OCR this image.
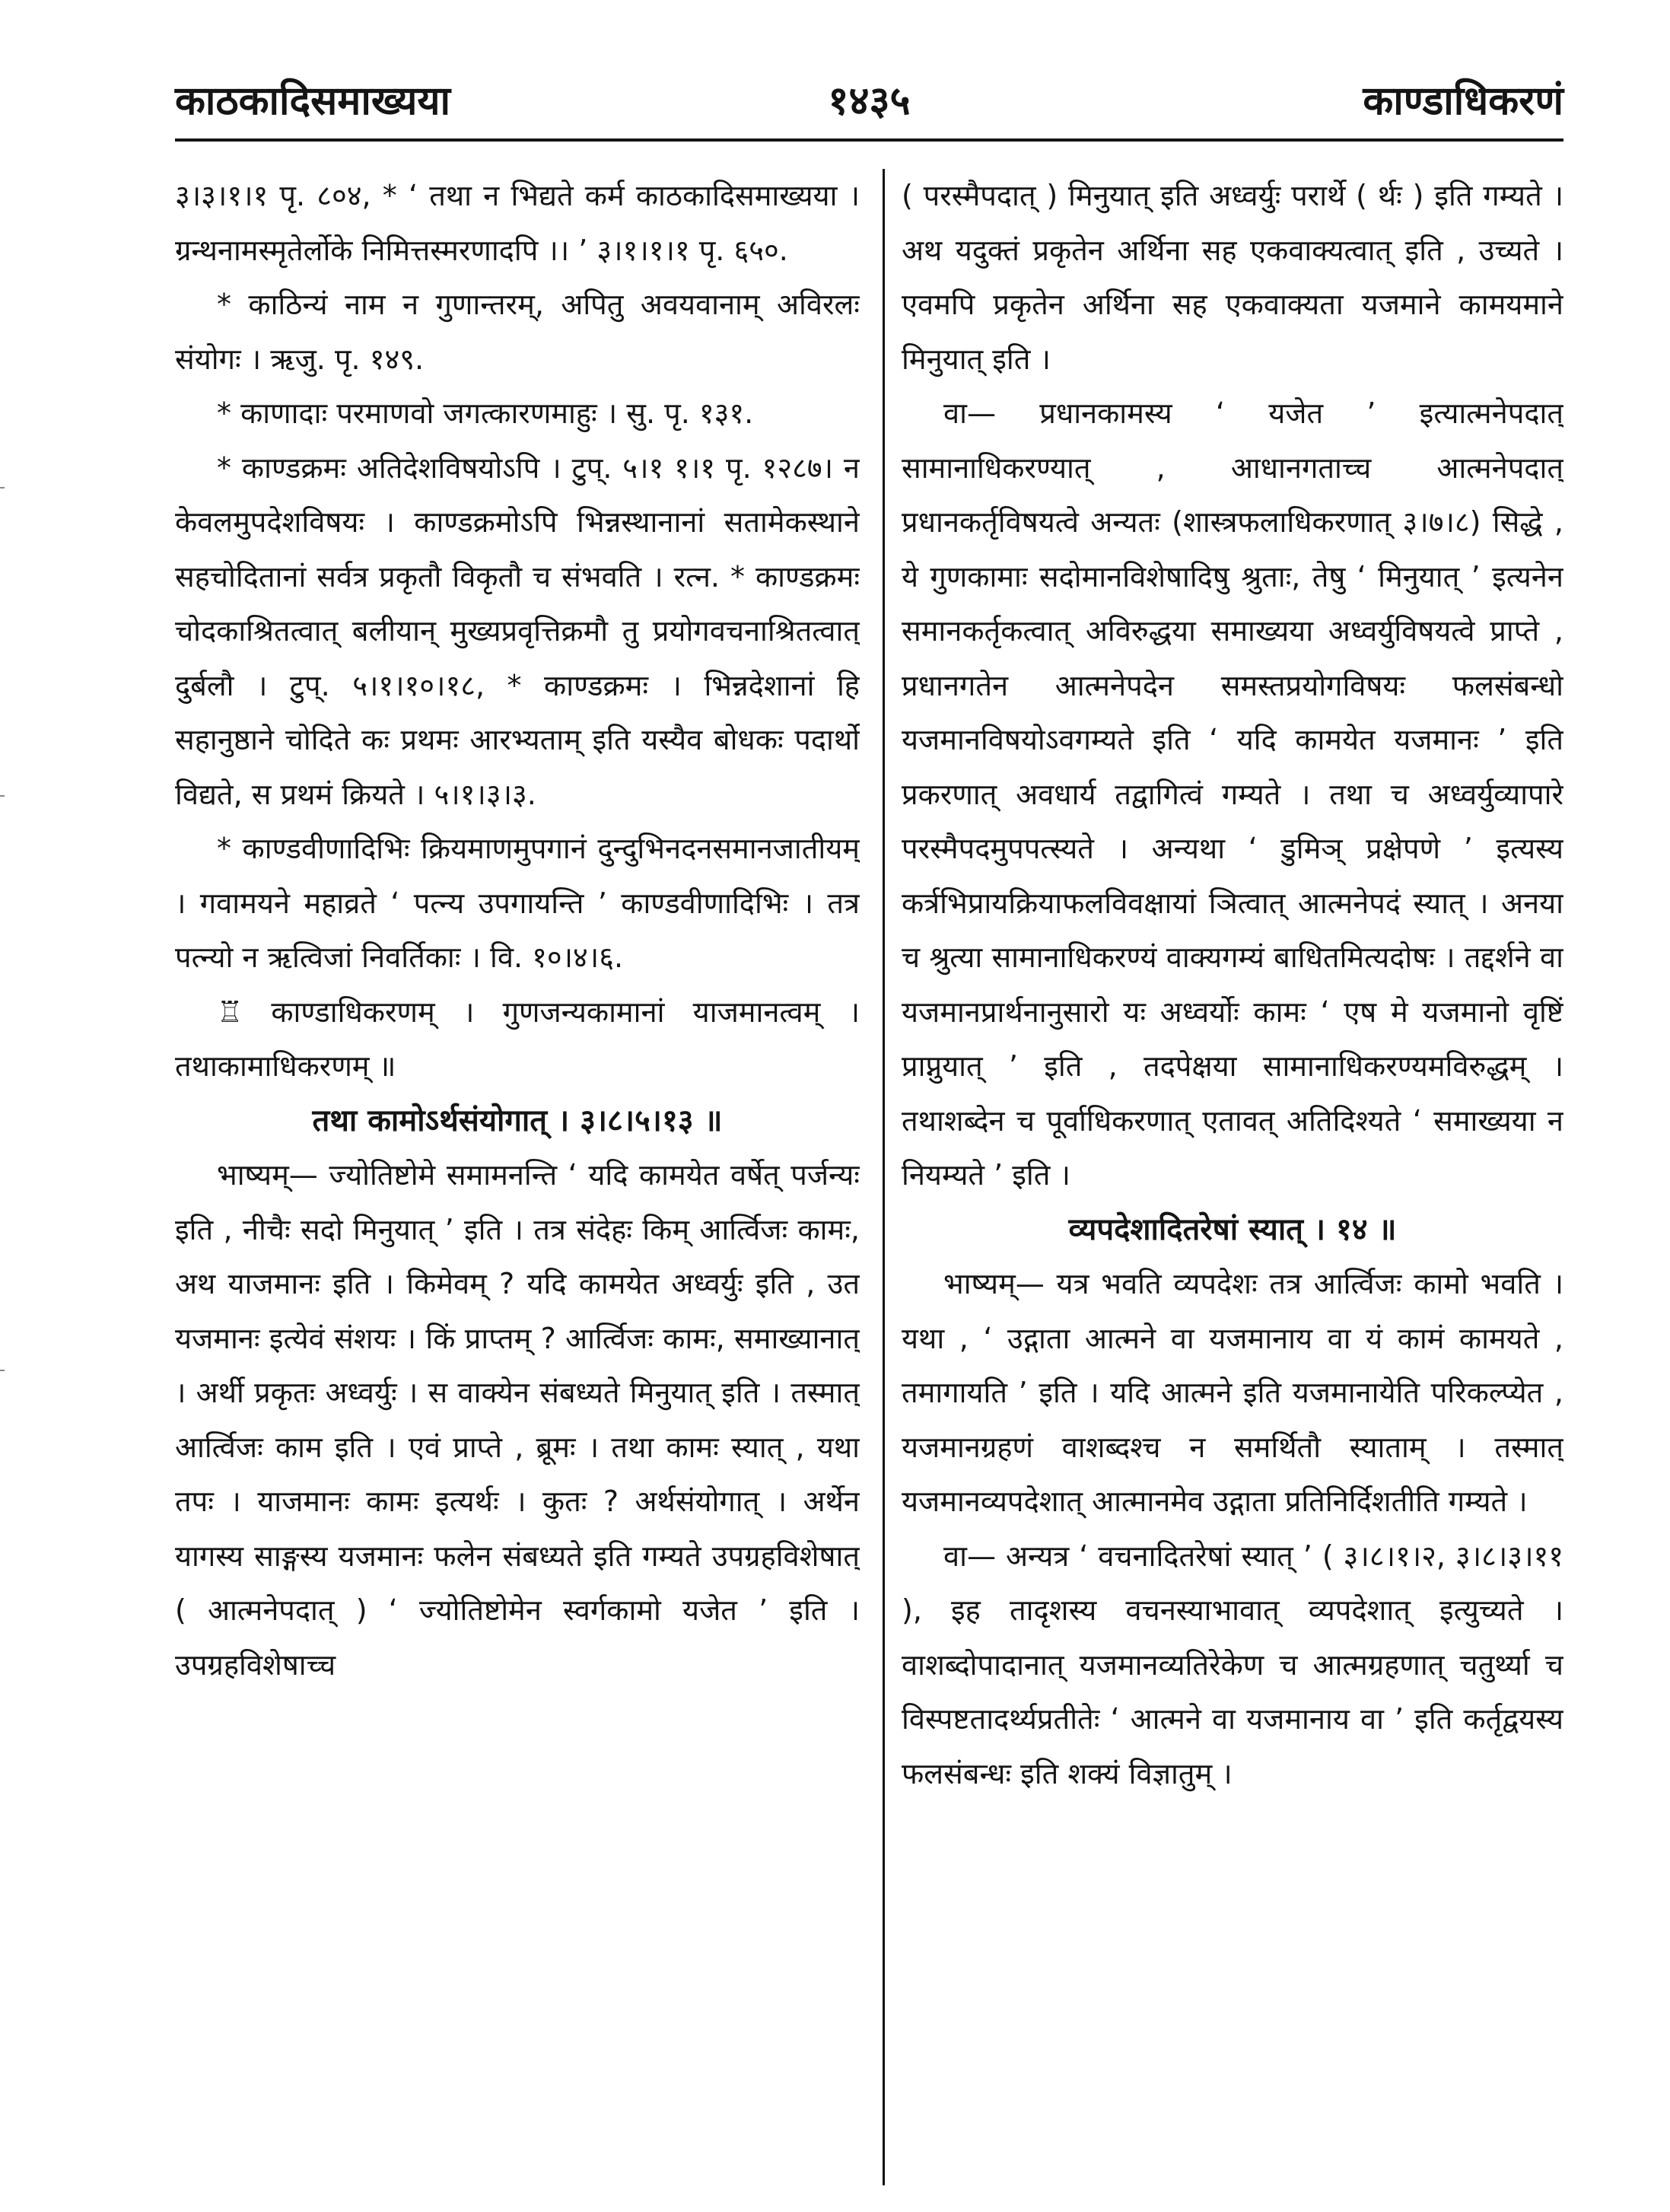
काठकादिसमाख्यया	१४३५	काण्डाधिकरणं

३।३।१।१ पृ. ८०४, * ‘ तथा न भिद्यते कर्म काठकादिसमाख्यया । ग्रन्थनामस्मृतेर्लोके निमित्तस्मरणादपि ।। ’ ३।१।१।१ पृ. ६५०.

* काठिन्यं नाम न गुणान्तरम्, अपितु अवयवानाम् अविरलः संयोगः । ऋजु. पृ. १४९.

* काणादाः परमाणवो जगत्कारणमाहुः । सु. पृ. १३१.

* काण्डक्रमः अतिदेशविषयोऽपि । टुप्. ५।१ १।१ पृ. १२८७। न केवलमुपदेशविषयः । काण्डक्रमोऽपि भिन्नस्थानानां सतामेकस्थाने सहचोदितानां सर्वत्र प्रकृतौ विकृतौ च संभवति । रत्न. * काण्डक्रमः चोदकाश्रितत्वात् बलीयान् मुख्यप्रवृत्तिक्रमौ तु प्रयोगवचनाश्रितत्वात् दुर्बलौ । टुप्. ५।१।१०।१८, * काण्डक्रमः । भिन्नदेशानां हि सहानुष्ठाने चोदिते कः प्रथमः आरभ्यताम् इति यस्यैव बोधकः पदार्थो विद्यते, स प्रथमं क्रियते । ५।१।३।३.

* काण्डवीणादिभिः क्रियमाणमुपगानं दुन्दुभिनदनसमानजातीयम् । गवामयने महाव्रते ‘ पत्न्य उपगायन्ति ’ काण्डवीणादिभिः । तत्र पत्न्यो न ऋत्विजां निवर्तिकाः । वि. १०।४।६.

♖ काण्डाधिकरणम् । गुणजन्यकामानां याजमानत्वम् । तथाकामाधिकरणम् ॥

तथा कामोऽर्थसंयोगात् । ३।८।५।१३ ॥

भाष्यम्— ज्योतिष्टोमे समामनन्ति ‘ यदि कामयेत वर्षेत् पर्जन्यः इति , नीचैः सदो मिनुयात् ’ इति । तत्र संदेहः किम् आर्त्विजः कामः, अथ याजमानः इति । किमेवम् ? यदि कामयेत अध्वर्युः इति , उत यजमानः इत्येवं संशयः । किं प्राप्तम् ? आर्त्विजः कामः, समाख्यानात् । अर्थी प्रकृतः अध्वर्युः । स वाक्येन संबध्यते मिनुयात् इति । तस्मात् आर्त्विजः काम इति । एवं प्राप्ते , ब्रूमः । तथा कामः स्यात् , यथा तपः । याजमानः कामः इत्यर्थः । कुतः ? अर्थसंयोगात् । अर्थेन यागस्य साङ्गस्य यजमानः फलेन संबध्यते इति गम्यते उपग्रहविशेषात् ( आत्मनेपदात् ) ‘ ज्योतिष्टोमेन स्वर्गकामो यजेत ’ इति । उपग्रहविशेषाच्च

( परस्मैपदात् ) मिनुयात् इति अध्वर्युः परार्थे ( र्थः ) इति गम्यते । अथ यदुक्तं प्रकृतेन अर्थिना सह एकवाक्यत्वात् इति , उच्यते । एवमपि प्रकृतेन अर्थिना सह एकवाक्यता यजमाने कामयमाने मिनुयात् इति ।

वा— प्रधानकामस्य ‘ यजेत ’ इत्यात्मनेपदात् सामानाधिकरण्यात् , आधानगताच्च आत्मनेपदात् प्रधानकर्तृविषयत्वे अन्यतः (शास्त्रफलाधिकरणात् ३।७।८) सिद्धे , ये गुणकामाः सदोमानविशेषादिषु श्रुताः, तेषु ‘ मिनुयात् ’ इत्यनेन समानकर्तृकत्वात् अविरुद्धया समाख्यया अध्वर्युविषयत्वे प्राप्ते , प्रधानगतेन आत्मनेपदेन समस्तप्रयोगविषयः फलसंबन्धो यजमानविषयोऽवगम्यते इति ‘ यदि कामयेत यजमानः ’ इति प्रकरणात् अवधार्य तद्वागित्वं गम्यते । तथा च अध्वर्युव्यापारे परस्मैपदमुपपत्स्यते । अन्यथा ‘ डुमिञ् प्रक्षेपणे ’ इत्यस्य कर्त्रभिप्रायक्रियाफलविवक्षायां ञित्वात् आत्मनेपदं स्यात् । अनया च श्रुत्या सामानाधिकरण्यं वाक्यगम्यं बाधितमित्यदोषः । तद्दर्शने वा यजमानप्रार्थनानुसारो यः अध्वर्योः कामः ‘ एष मे यजमानो वृष्टिं प्राप्नुयात् ’ इति , तदपेक्षया सामानाधिकरण्यमविरुद्धम् । तथाशब्देन च पूर्वाधिकरणात् एतावत् अतिदिश्यते ‘ समाख्यया न नियम्यते ’ इति ।

व्यपदेशादितरेषां स्यात् । १४ ॥

भाष्यम्— यत्र भवति व्यपदेशः तत्र आर्त्विजः कामो भवति । यथा , ‘ उद्गाता आत्मने वा यजमानाय वा यं कामं कामयते , तमागायति ’ इति । यदि आत्मने इति यजमानायेति परिकल्प्येत , यजमानग्रहणं वाशब्दश्च न समर्थितौ स्याताम् । तस्मात् यजमानव्यपदेशात् आत्मानमेव उद्गाता प्रतिनिर्दिशतीति गम्यते ।

वा— अन्यत्र ‘ वचनादितरेषां स्यात् ’ ( ३।८।१।२, ३।८।३।११ ), इह तादृशस्य वचनस्याभावात् व्यपदेशात् इत्युच्यते । वाशब्दोपादानात् यजमानव्यतिरेकेण च आत्मग्रहणात् चतुर्थ्या च विस्पष्टतादर्थ्यप्रतीतेः ‘ आत्मने वा यजमानाय वा ’ इति कर्तृद्वयस्य फलसंबन्धः इति शक्यं विज्ञातुम् ।
